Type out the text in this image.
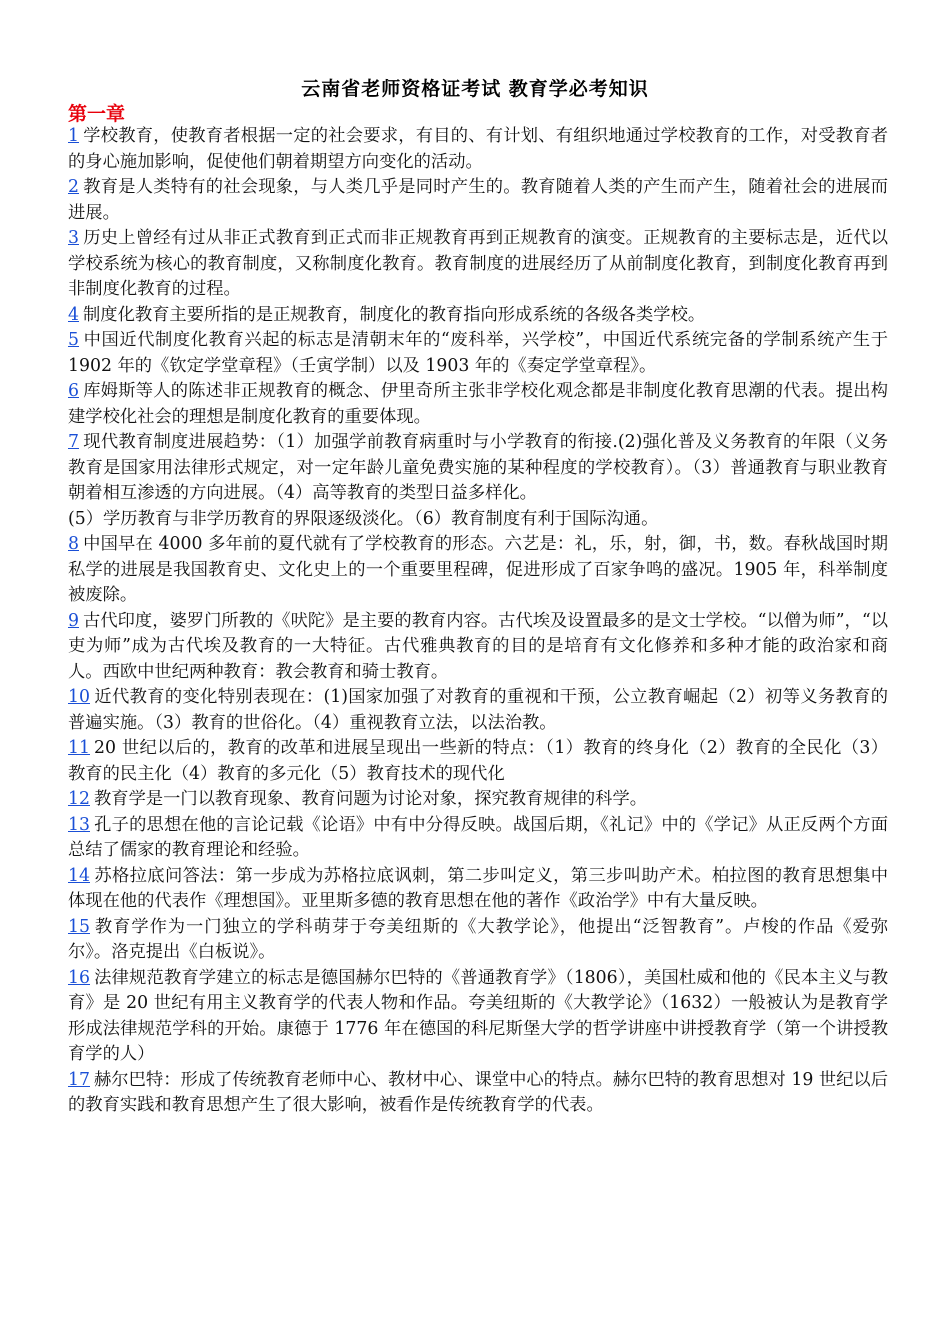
云南省老师资格证考试 教育学必考知识
第一章

1 学校教育，使教育者根据一定的社会要求，有目的、有计划、有组织地通过学校教育的工作，对受教育者的身心施加影响，促使他们朝着期望方向变化的活动。

2 教育是人类特有的社会现象，与人类几乎是同时产生的。教育随着人类的产生而产生，随着社会的进展而进展。

3 历史上曾经有过从非正式教育到正式而非正规教育再到正规教育的演变。正规教育的主要标志是，近代以学校系统为核心的教育制度，又称制度化教育。教育制度的进展经历了从前制度化教育，到制度化教育再到非制度化教育的过程。

4 制度化教育主要所指的是正规教育，制度化的教育指向形成系统的各级各类学校。

5 中国近代制度化教育兴起的标志是清朝末年的“废科举，兴学校”，中国近代系统完备的学制系统产生于 1902 年的《钦定学堂章程》（壬寅学制）以及 1903 年的《奏定学堂章程》。

6 库姆斯等人的陈述非正规教育的概念、伊里奇所主张非学校化观念都是非制度化教育思潮的代表。提出构建学校化社会的理想是制度化教育的重要体现。

7 现代教育制度进展趋势：（1）加强学前教育病重时与小学教育的衔接.(2)强化普及义务教育的年限（义务教育是国家用法律形式规定，对一定年龄儿童免费实施的某种程度的学校教育）。（3）普通教育与职业教育朝着相互渗透的方向进展。（4）高等教育的类型日益多样化。

(5）学历教育与非学历教育的界限逐级淡化。（6）教育制度有利于国际沟通。

8 中国早在 4000 多年前的夏代就有了学校教育的形态。六艺是：礼，乐，射，御，书，数。春秋战国时期私学的进展是我国教育史、文化史上的一个重要里程碑，促进形成了百家争鸣的盛况。1905 年，科举制度被废除。

9 古代印度，婆罗门所教的《吠陀》是主要的教育内容。古代埃及设置最多的是文士学校。“以僧为师”，“以吏为师”成为古代埃及教育的一大特征。古代雅典教育的目的是培育有文化修养和多种才能的政治家和商人。西欧中世纪两种教育：教会教育和骑士教育。

10 近代教育的变化特别表现在：(1)国家加强了对教育的重视和干预，公立教育崛起（2）初等义务教育的普遍实施。（3）教育的世俗化。（4）重视教育立法，以法治教。

11 20 世纪以后的，教育的改革和进展呈现出一些新的特点：（1）教育的终身化（2）教育的全民化（3）教育的民主化（4）教育的多元化（5）教育技术的现代化

12 教育学是一门以教育现象、教育问题为讨论对象，探究教育规律的科学。

13 孔子的思想在他的言论记载《论语》中有中分得反映。战国后期，《礼记》中的《学记》从正反两个方面总结了儒家的教育理论和经验。

14 苏格拉底问答法：第一步成为苏格拉底讽刺，第二步叫定义，第三步叫助产术。柏拉图的教育思想集中体现在他的代表作《理想国》。亚里斯多德的教育思想在他的著作《政治学》中有大量反映。

15 教育学作为一门独立的学科萌芽于夸美纽斯的《大教学论》，他提出“泛智教育”。卢梭的作品《爱弥尔》。洛克提出《白板说》。

16 法律规范教育学建立的标志是德国赫尔巴特的《普通教育学》（1806），美国杜威和他的《民本主义与教育》是 20 世纪有用主义教育学的代表人物和作品。夸美纽斯的《大教学论》（1632）一般被认为是教育学形成法律规范学科的开始。康德于 1776 年在德国的科尼斯堡大学的哲学讲座中讲授教育学（第一个讲授教育学的人）

17 赫尔巴特：形成了传统教育老师中心、教材中心、课堂中心的特点。赫尔巴特的教育思想对 19 世纪以后的教育实践和教育思想产生了很大影响，被看作是传统教育学的代表。
